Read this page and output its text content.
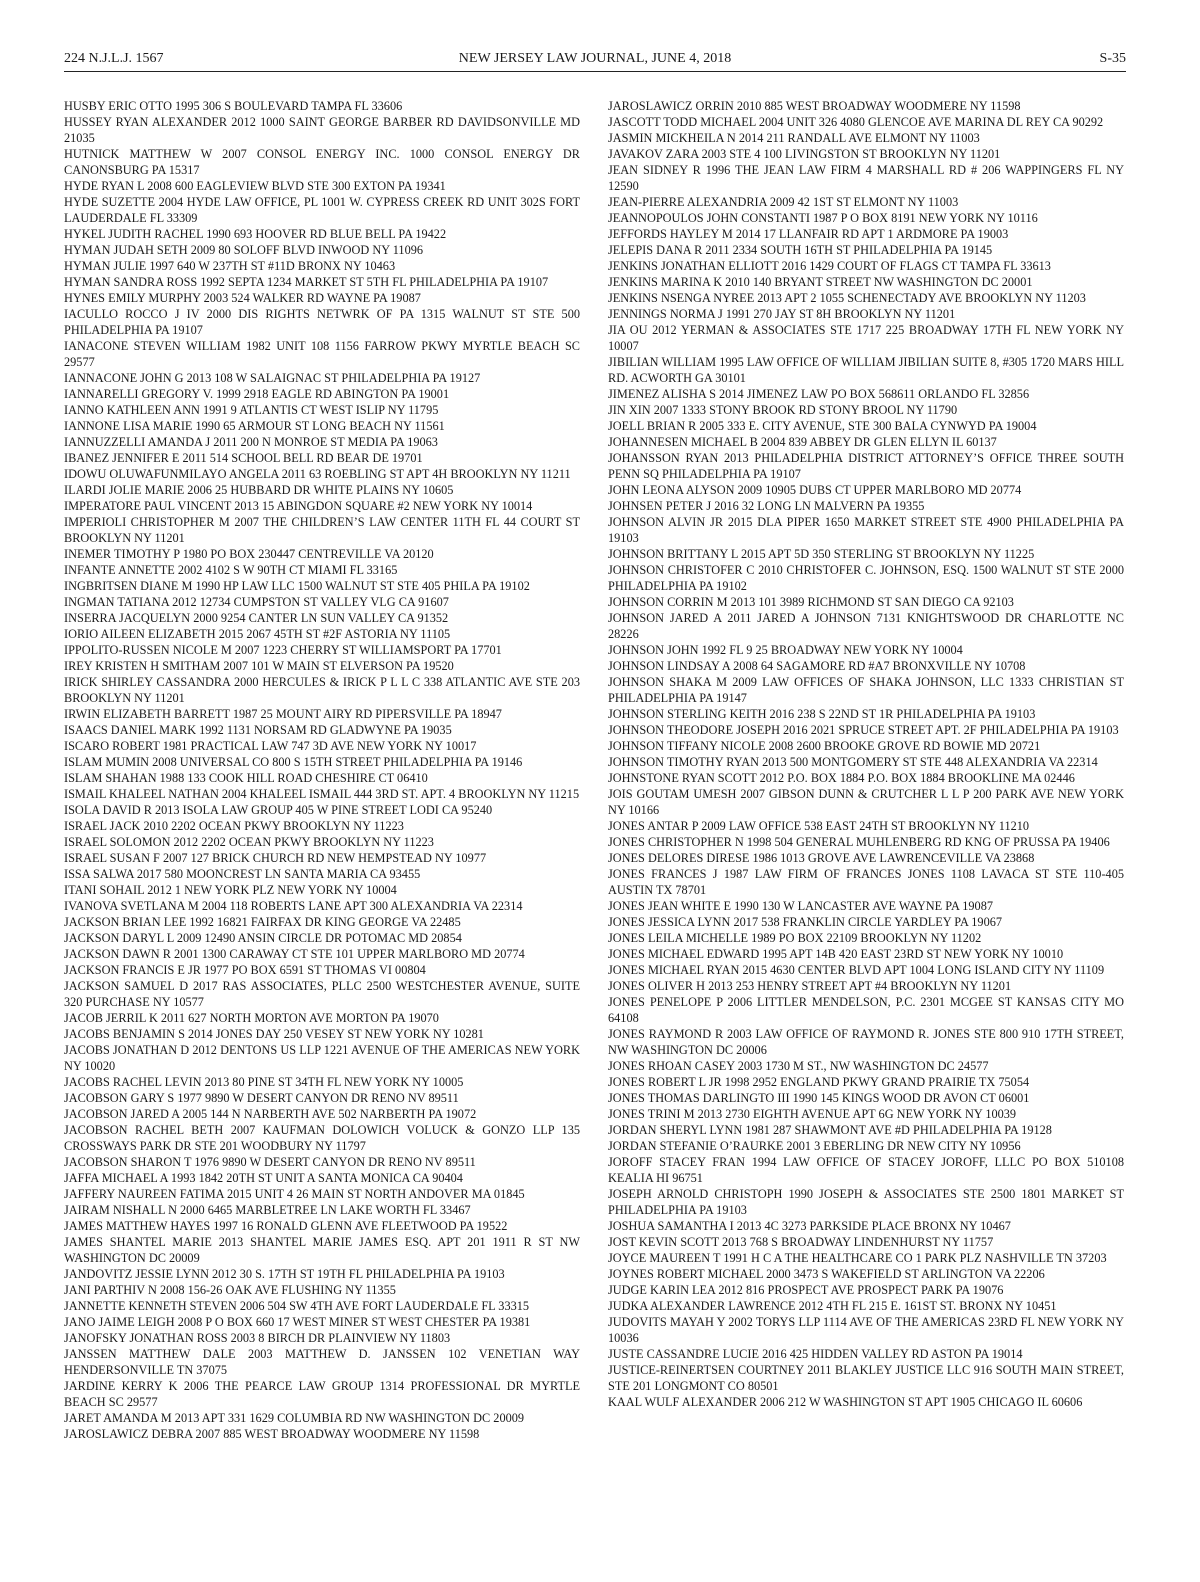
224 N.J.L.J. 1567	NEW JERSEY LAW JOURNAL, JUNE 4, 2018	S-35

HUSBY ERIC OTTO 1995 306 S BOULEVARD TAMPA FL 33606

HUSSEY RYAN ALEXANDER 2012 1000 SAINT GEORGE BARBER RD DAVIDSONVILLE MD 21035

HUTNICK MATTHEW W 2007 CONSOL ENERGY INC. 1000 CONSOL ENERGY DR CANONSBURG PA 15317

HYDE RYAN L 2008 600 EAGLEVIEW BLVD STE 300 EXTON PA 19341

HYDE SUZETTE 2004 HYDE LAW OFFICE, PL 1001 W. CYPRESS CREEK RD UNIT 302S FORT LAUDERDALE FL 33309

HYKEL JUDITH RACHEL 1990 693 HOOVER RD BLUE BELL PA 19422

HYMAN JUDAH SETH 2009 80 SOLOFF BLVD INWOOD NY 11096

HYMAN JULIE 1997 640 W 237TH ST #11D BRONX NY 10463

HYMAN SANDRA ROSS 1992 SEPTA 1234 MARKET ST 5TH FL PHILADELPHIA PA 19107

HYNES EMILY MURPHY 2003 524 WALKER RD WAYNE PA 19087

IACULLO ROCCO J IV 2000 DIS RIGHTS NETWRK OF PA 1315 WALNUT ST STE 500 PHILADELPHIA PA 19107

IANACONE STEVEN WILLIAM 1982 UNIT 108 1156 FARROW PKWY MYRTLE BEACH SC 29577

IANNACONE JOHN G 2013 108 W SALAIGNAC ST PHILADELPHIA PA 19127

IANNARELLI GREGORY V. 1999 2918 EAGLE RD ABINGTON PA 19001

IANNO KATHLEEN ANN 1991 9 ATLANTIS CT WEST ISLIP NY 11795

IANNONE LISA MARIE 1990 65 ARMOUR ST LONG BEACH NY 11561

IANNUZZELLI AMANDA J 2011 200 N MONROE ST MEDIA PA 19063

IBANEZ JENNIFER E 2011 514 SCHOOL BELL RD BEAR DE 19701

IDOWU OLUWAFUNMILAYO ANGELA 2011 63 ROEBLING ST APT 4H BROOKLYN NY 11211

ILARDI JOLIE MARIE 2006 25 HUBBARD DR WHITE PLAINS NY 10605

IMPERATORE PAUL VINCENT 2013 15 ABINGDON SQUARE #2 NEW YORK NY 10014

IMPERIOLI CHRISTOPHER M 2007 THE CHILDREN’S LAW CENTER 11TH FL 44 COURT ST BROOKLYN NY 11201

INEMER TIMOTHY P 1980 PO BOX 230447 CENTREVILLE VA 20120

INFANTE ANNETTE 2002 4102 S W 90TH CT MIAMI FL 33165

INGBRITSEN DIANE M 1990 HP LAW LLC 1500 WALNUT ST STE 405 PHILA PA 19102

INGMAN TATIANA 2012 12734 CUMPSTON ST VALLEY VLG CA 91607

INSERRA JACQUELYN 2000 9254 CANTER LN SUN VALLEY CA 91352

IORIO AILEEN ELIZABETH 2015 2067 45TH ST #2F ASTORIA NY 11105

IPPOLITO-RUSSEN NICOLE M 2007 1223 CHERRY ST WILLIAMSPORT PA 17701

IREY KRISTEN H SMITHAM 2007 101 W MAIN ST ELVERSON PA 19520

IRICK SHIRLEY CASSANDRA 2000 HERCULES & IRICK P L L C 338 ATLANTIC AVE STE 203 BROOKLYN NY 11201

IRWIN ELIZABETH BARRETT 1987 25 MOUNT AIRY RD PIPERSVILLE PA 18947

ISAACS DANIEL MARK 1992 1131 NORSAM RD GLADWYNE PA 19035

ISCARO ROBERT 1981 PRACTICAL LAW 747 3D AVE NEW YORK NY 10017

ISLAM MUMIN 2008 UNIVERSAL CO 800 S 15TH STREET PHILADELPHIA PA 19146

ISLAM SHAHAN 1988 133 COOK HILL ROAD CHESHIRE CT 06410

ISMAIL KHALEEL NATHAN 2004 KHALEEL ISMAIL 444 3RD ST. APT. 4 BROOKLYN NY 11215

ISOLA DAVID R 2013 ISOLA LAW GROUP 405 W PINE STREET LODI CA 95240

ISRAEL JACK 2010 2202 OCEAN PKWY BROOKLYN NY 11223

ISRAEL SOLOMON 2012 2202 OCEAN PKWY BROOKLYN NY 11223

ISRAEL SUSAN F 2007 127 BRICK CHURCH RD NEW HEMPSTEAD NY 10977

ISSA SALWA 2017 580 MOONCREST LN SANTA MARIA CA 93455

ITANI SOHAIL 2012 1 NEW YORK PLZ NEW YORK NY 10004

IVANOVA SVETLANA M 2004 118 ROBERTS LANE APT 300 ALEXANDRIA VA 22314

JACKSON BRIAN LEE 1992 16821 FAIRFAX DR KING GEORGE VA 22485

JACKSON DARYL L 2009 12490 ANSIN CIRCLE DR POTOMAC MD 20854

JACKSON DAWN R 2001 1300 CARAWAY CT STE 101 UPPER MARLBORO MD 20774

JACKSON FRANCIS E JR 1977 PO BOX 6591 ST THOMAS VI 00804

JACKSON SAMUEL D 2017 RAS ASSOCIATES, PLLC 2500 WESTCHESTER AVENUE, SUITE 320 PURCHASE NY 10577

JACOB JERRIL K 2011 627 NORTH MORTON AVE MORTON PA 19070

JACOBS BENJAMIN S 2014 JONES DAY 250 VESEY ST NEW YORK NY 10281

JACOBS JONATHAN D 2012 DENTONS US LLP 1221 AVENUE OF THE AMERICAS NEW YORK NY 10020

JACOBS RACHEL LEVIN 2013 80 PINE ST 34TH FL NEW YORK NY 10005

JACOBSON GARY S 1977 9890 W DESERT CANYON DR RENO NV 89511

JACOBSON JARED A 2005 144 N NARBERTH AVE 502 NARBERTH PA 19072

JACOBSON RACHEL BETH 2007 KAUFMAN DOLOWICH VOLUCK & GONZO LLP 135 CROSSWAYS PARK DR STE 201 WOODBURY NY 11797

JACOBSON SHARON T 1976 9890 W DESERT CANYON DR RENO NV 89511

JAFFA MICHAEL A 1993 1842 20TH ST UNIT A SANTA MONICA CA 90404

JAFFERY NAUREEN FATIMA 2015 UNIT 4 26 MAIN ST NORTH ANDOVER MA 01845

JAIRAM NISHALL N 2000 6465 MARBLETREE LN LAKE WORTH FL 33467

JAMES MATTHEW HAYES 1997 16 RONALD GLENN AVE FLEETWOOD PA 19522

JAMES SHANTEL MARIE 2013 SHANTEL MARIE JAMES ESQ. APT 201 1911 R ST NW WASHINGTON DC 20009

JANDOVITZ JESSIE LYNN 2012 30 S. 17TH ST 19TH FL PHILADELPHIA PA 19103

JANI PARTHIV N 2008 156-26 OAK AVE FLUSHING NY 11355

JANNETTE KENNETH STEVEN 2006 504 SW 4TH AVE FORT LAUDERDALE FL 33315

JANO JAIME LEIGH 2008 P O BOX 660 17 WEST MINER ST WEST CHESTER PA 19381

JANOFSKY JONATHAN ROSS 2003 8 BIRCH DR PLAINVIEW NY 11803

JANSSEN MATTHEW DALE 2003 MATTHEW D. JANSSEN 102 VENETIAN WAY HENDERSONVILLE TN 37075

JARDINE KERRY K 2006 THE PEARCE LAW GROUP 1314 PROFESSIONAL DR MYRTLE BEACH SC 29577

JARET AMANDA M 2013 APT 331 1629 COLUMBIA RD NW WASHINGTON DC 20009

JAROSLAWICZ DEBRA 2007 885 WEST BROADWAY WOODMERE NY 11598

JAROSLAWICZ ORRIN 2010 885 WEST BROADWAY WOODMERE NY 11598

JASCOTT TODD MICHAEL 2004 UNIT 326 4080 GLENCOE AVE MARINA DL REY CA 90292

JASMIN MICKHEILA N 2014 211 RANDALL AVE ELMONT NY 11003

JAVAKOV ZARA 2003 STE 4 100 LIVINGSTON ST BROOKLYN NY 11201

JEAN SIDNEY R 1996 THE JEAN LAW FIRM 4 MARSHALL RD # 206 WAPPINGERS FL NY 12590

JEAN-PIERRE ALEXANDRIA 2009 42 1ST ST ELMONT NY 11003

JEANNOPOULOS JOHN CONSTANTI 1987 P O BOX 8191 NEW YORK NY 10116

JEFFORDS HAYLEY M 2014 17 LLANFAIR RD APT 1 ARDMORE PA 19003

JELEPIS DANA R 2011 2334 SOUTH 16TH ST PHILADELPHIA PA 19145

JENKINS JONATHAN ELLIOTT 2016 1429 COURT OF FLAGS CT TAMPA FL 33613

JENKINS MARINA K 2010 140 BRYANT STREET NW WASHINGTON DC 20001

JENKINS NSENGA NYREE 2013 APT 2 1055 SCHENECTADY AVE BROOKLYN NY 11203

JENNINGS NORMA J 1991 270 JAY ST 8H BROOKLYN NY 11201

JIA OU 2012 YERMAN & ASSOCIATES STE 1717 225 BROADWAY 17TH FL NEW YORK NY 10007

JIBILIAN WILLIAM 1995 LAW OFFICE OF WILLIAM JIBILIAN SUITE 8, #305 1720 MARS HILL RD. ACWORTH GA 30101

JIMENEZ ALISHA S 2014 JIMENEZ LAW PO BOX 568611 ORLANDO FL 32856

JIN XIN 2007 1333 STONY BROOK RD STONY BROOL NY 11790

JOELL BRIAN R 2005 333 E. CITY AVENUE, STE 300 BALA CYNWYD PA 19004

JOHANNESEN MICHAEL B 2004 839 ABBEY DR GLEN ELLYN IL 60137

JOHANSSON RYAN 2013 PHILADELPHIA DISTRICT ATTORNEY’S OFFICE THREE SOUTH PENN SQ PHILADELPHIA PA 19107

JOHN LEONA ALYSON 2009 10905 DUBS CT UPPER MARLBORO MD 20774

JOHNSEN PETER J 2016 32 LONG LN MALVERN PA 19355

JOHNSON ALVIN JR 2015 DLA PIPER 1650 MARKET STREET STE 4900 PHILADELPHIA PA 19103

JOHNSON BRITTANY L 2015 APT 5D 350 STERLING ST BROOKLYN NY 11225

JOHNSON CHRISTOFER C 2010 CHRISTOFER C. JOHNSON, ESQ. 1500 WALNUT ST STE 2000 PHILADELPHIA PA 19102

JOHNSON CORRIN M 2013 101 3989 RICHMOND ST SAN DIEGO CA 92103

JOHNSON JARED A 2011 JARED A JOHNSON 7131 KNIGHTSWOOD DR CHARLOTTE NC 28226

JOHNSON JOHN 1992 FL 9 25 BROADWAY NEW YORK NY 10004

JOHNSON LINDSAY A 2008 64 SAGAMORE RD #A7 BRONXVILLE NY 10708

JOHNSON SHAKA M 2009 LAW OFFICES OF SHAKA JOHNSON, LLC 1333 CHRISTIAN ST PHILADELPHIA PA 19147

JOHNSON STERLING KEITH 2016 238 S 22ND ST 1R PHILADELPHIA PA 19103

JOHNSON THEODORE JOSEPH 2016 2021 SPRUCE STREET APT. 2F PHILADELPHIA PA 19103

JOHNSON TIFFANY NICOLE 2008 2600 BROOKE GROVE RD BOWIE MD 20721

JOHNSON TIMOTHY RYAN 2013 500 MONTGOMERY ST STE 448 ALEXANDRIA VA 22314

JOHNSTONE RYAN SCOTT 2012 P.O. BOX 1884 P.O. BOX 1884 BROOKLINE MA 02446

JOIS GOUTAM UMESH 2007 GIBSON DUNN & CRUTCHER L L P 200 PARK AVE NEW YORK NY 10166

JONES ANTAR P 2009 LAW OFFICE 538 EAST 24TH ST BROOKLYN NY 11210

JONES CHRISTOPHER N 1998 504 GENERAL MUHLENBERG RD KNG OF PRUSSA PA 19406

JONES DELORES DIRESE 1986 1013 GROVE AVE LAWRENCEVILLE VA 23868

JONES FRANCES J 1987 LAW FIRM OF FRANCES JONES 1108 LAVACA ST STE 110-405 AUSTIN TX 78701

JONES JEAN WHITE E 1990 130 W LANCASTER AVE WAYNE PA 19087

JONES JESSICA LYNN 2017 538 FRANKLIN CIRCLE YARDLEY PA 19067

JONES LEILA MICHELLE 1989 PO BOX 22109 BROOKLYN NY 11202

JONES MICHAEL EDWARD 1995 APT 14B 420 EAST 23RD ST NEW YORK NY 10010

JONES MICHAEL RYAN 2015 4630 CENTER BLVD APT 1004 LONG ISLAND CITY NY 11109

JONES OLIVER H 2013 253 HENRY STREET APT #4 BROOKLYN NY 11201

JONES PENELOPE P 2006 LITTLER MENDELSON, P.C. 2301 MCGEE ST KANSAS CITY MO 64108

JONES RAYMOND R 2003 LAW OFFICE OF RAYMOND R. JONES STE 800 910 17TH STREET, NW WASHINGTON DC 20006

JONES RHOAN CASEY 2003 1730 M ST., NW WASHINGTON DC 24577

JONES ROBERT L JR 1998 2952 ENGLAND PKWY GRAND PRAIRIE TX 75054

JONES THOMAS DARLINGTO III 1990 145 KINGS WOOD DR AVON CT 06001

JONES TRINI M 2013 2730 EIGHTH AVENUE APT 6G NEW YORK NY 10039

JORDAN SHERYL LYNN 1981 287 SHAWMONT AVE #D PHILADELPHIA PA 19128

JORDAN STEFANIE O’RAURKE 2001 3 EBERLING DR NEW CITY NY 10956

JOROFF STACEY FRAN 1994 LAW OFFICE OF STACEY JOROFF, LLLC PO BOX 510108 KEALIA HI 96751

JOSEPH ARNOLD CHRISTOPH 1990 JOSEPH & ASSOCIATES STE 2500 1801 MARKET ST PHILADELPHIA PA 19103

JOSHUA SAMANTHA I 2013 4C 3273 PARKSIDE PLACE BRONX NY 10467

JOST KEVIN SCOTT 2013 768 S BROADWAY LINDENHURST NY 11757

JOYCE MAUREEN T 1991 H C A THE HEALTHCARE CO 1 PARK PLZ NASHVILLE TN 37203

JOYNES ROBERT MICHAEL 2000 3473 S WAKEFIELD ST ARLINGTON VA 22206

JUDGE KARIN LEA 2012 816 PROSPECT AVE PROSPECT PARK PA 19076

JUDKA ALEXANDER LAWRENCE 2012 4TH FL 215 E. 161ST ST. BRONX NY 10451

JUDOVITS MAYAH Y 2002 TORYS LLP 1114 AVE OF THE AMERICAS 23RD FL NEW YORK NY 10036

JUSTE CASSANDRE LUCIE 2016 425 HIDDEN VALLEY RD ASTON PA 19014

JUSTICE-REINERTSEN COURTNEY 2011 BLAKLEY JUSTICE LLC 916 SOUTH MAIN STREET, STE 201 LONGMONT CO 80501

KAAL WULF ALEXANDER 2006 212 W WASHINGTON ST APT 1905 CHICAGO IL 60606
